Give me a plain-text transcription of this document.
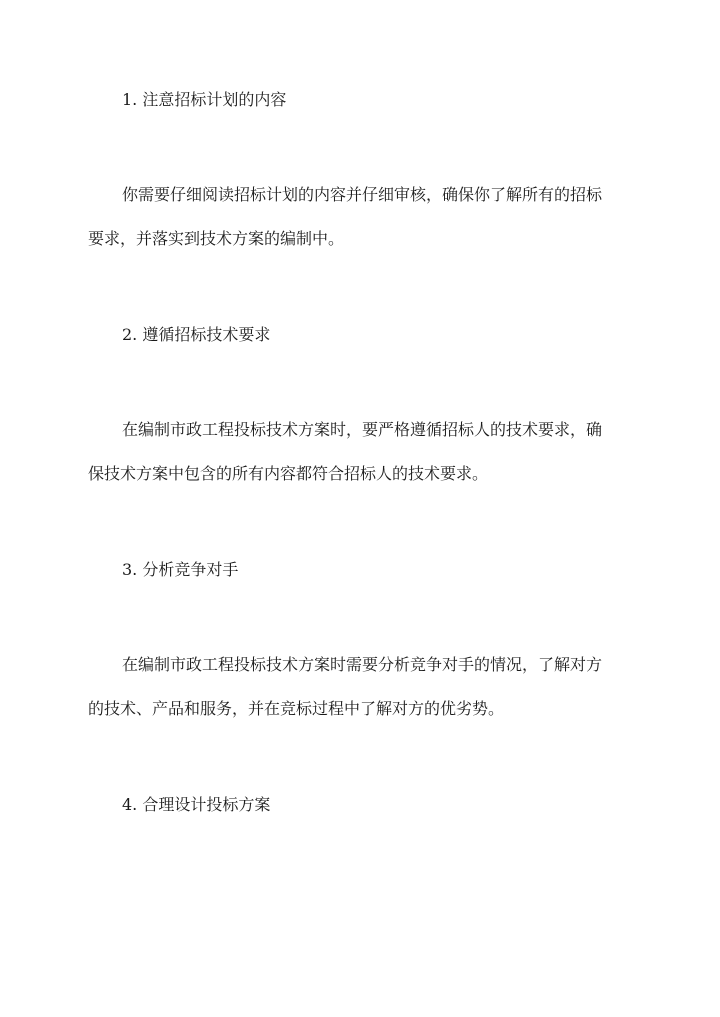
1. 注意招标计划的内容
你需要仔细阅读招标计划的内容并仔细审核，确保你了解所有的招标
要求，并落实到技术方案的编制中。
2. 遵循招标技术要求
在编制市政工程投标技术方案时，要严格遵循招标人的技术要求，确
保技术方案中包含的所有内容都符合招标人的技术要求。
3. 分析竞争对手
在编制市政工程投标技术方案时需要分析竞争对手的情况，了解对方
的技术、产品和服务，并在竞标过程中了解对方的优劣势。
4. 合理设计投标方案
